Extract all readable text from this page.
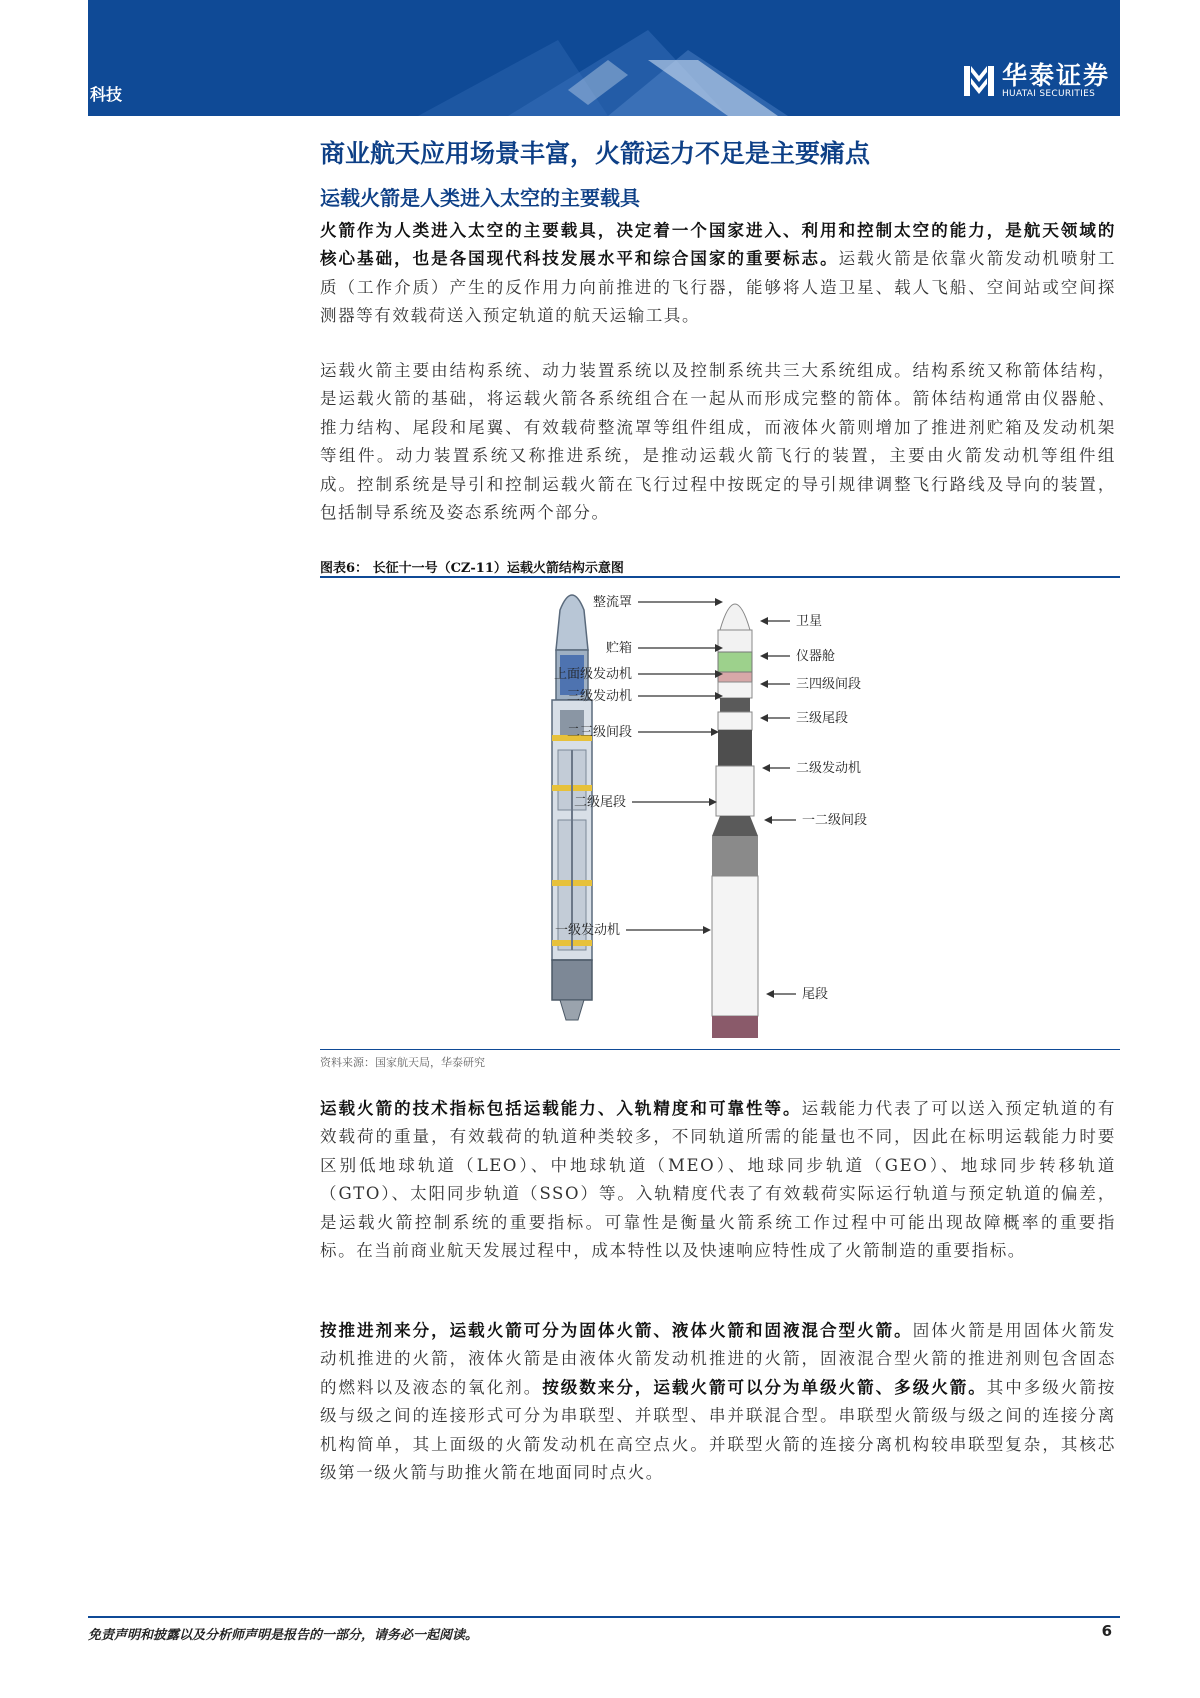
科技
华泰证券
HUATAI SECURITIES
商业航天应用场景丰富，火箭运力不足是主要痛点
运载火箭是人类进入太空的主要载具

火箭作为人类进入太空的主要载具，决定着一个国家进入、利用和控制太空的能力，是航天领域的核心基础，也是各国现代科技发展水平和综合国家的重要标志。运载火箭是依靠火箭发动机喷射工质（工作介质）产生的反作用力向前推进的飞行器，能够将人造卫星、载人飞船、空间站或空间探测器等有效载荷送入预定轨道的航天运输工具。

运载火箭主要由结构系统、动力装置系统以及控制系统共三大系统组成。结构系统又称箭体结构，是运载火箭的基础，将运载火箭各系统组合在一起从而形成完整的箭体。箭体结构通常由仪器舱、推力结构、尾段和尾翼、有效载荷整流罩等组件组成，而液体火箭则增加了推进剂贮箱及发动机架等组件。动力装置系统又称推进系统，是推动运载火箭飞行的装置，主要由火箭发动机等组件组成。控制系统是导引和控制运载火箭在飞行过程中按既定的导引规律调整飞行路线及导向的装置，包括制导系统及姿态系统两个部分。

图表6： 长征十一号（CZ-11）运载火箭结构示意图
整流罩
贮箱
上面级发动机
三级发动机
二三级间段
二级尾段
一级发动机
卫星
仪器舱
三四级间段
三级尾段
二级发动机
一二级间段
尾段
资料来源：国家航天局，华泰研究

运载火箭的技术指标包括运载能力、入轨精度和可靠性等。运载能力代表了可以送入预定轨道的有效载荷的重量，有效载荷的轨道种类较多，不同轨道所需的能量也不同，因此在标明运载能力时要区别低地球轨道（LEO）、中地球轨道（MEO）、地球同步轨道（GEO）、地球同步转移轨道（GTO）、太阳同步轨道（SSO）等。入轨精度代表了有效载荷实际运行轨道与预定轨道的偏差，是运载火箭控制系统的重要指标。可靠性是衡量火箭系统工作过程中可能出现故障概率的重要指标。在当前商业航天发展过程中，成本特性以及快速响应特性成了火箭制造的重要指标。

按推进剂来分，运载火箭可分为固体火箭、液体火箭和固液混合型火箭。固体火箭是用固体火箭发动机推进的火箭，液体火箭是由液体火箭发动机推进的火箭，固液混合型火箭的推进剂则包含固态的燃料以及液态的氧化剂。按级数来分，运载火箭可以分为单级火箭、多级火箭。其中多级火箭按级与级之间的连接形式可分为串联型、并联型、串并联混合型。串联型火箭级与级之间的连接分离机构简单，其上面级的火箭发动机在高空点火。并联型火箭的连接分离机构较串联型复杂，其核芯级第一级火箭与助推火箭在地面同时点火。

免责声明和披露以及分析师声明是报告的一部分，请务必一起阅读。	6
